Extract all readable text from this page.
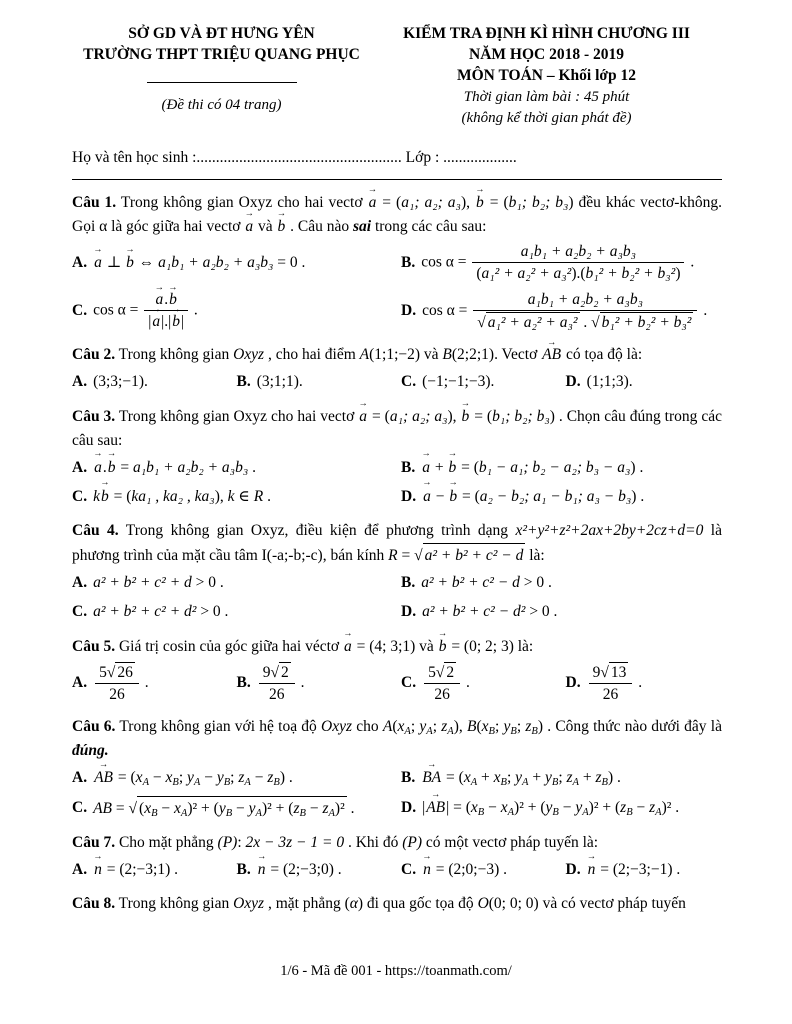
SỞ GD VÀ ĐT HƯNG YÊN
TRƯỜNG THPT TRIỆU QUANG PHỤC
(Đề thi có 04 trang)
KIỂM TRA ĐỊNH KÌ HÌNH CHƯƠNG III
NĂM HỌC 2018 - 2019
MÔN TOÁN – Khối lớp 12
Thời gian làm bài : 45 phút
(không kể thời gian phát đề)
Họ và tên học sinh :..................................................... Lớp : ...................

Câu 1. Trong không gian Oxyz cho hai vectơ a → = (a₁; a₂; a₃), b → = (b₁; b₂; b₃) đều khác vectơ-không. Gọi α là góc giữa hai vectơ a → và b → . Câu nào sai trong các câu sau:

A. a → ⊥ b → ⇔ a₁b₁ + a₂b₂ + a₃b₃ = 0 .	B. $\cos \alpha = \frac{\text{a₁b₁ + a₂b₂ + a₃b₃}}{\text{(a₁² + a₂² + a₃²).(b₁² + b₂² + b₃²)}}$ .
C. $\cos \alpha = \frac{a \to.b \to}{|a \to|.|b \to|}$ .	D. $\cos \alpha = \frac{\text{a₁b₁ + a₂b₂ + a₃b₃}}{\text{√ a₁² + a₂² + a₃² . √ b₁² + b₂² + b₃²}}$ .

Câu 2. Trong không gian Oxyz , cho hai điểm A(1;1;−2) và B(2;2;1). Vectơ AB → có tọa độ là:

A. (3;3;−1).	B. (3;1;1).	C. (−1;−1;−3).	D. (1;1;3).

Câu 3. Trong không gian Oxyz cho hai vectơ a → = (a₁; a₂; a₃), b → = (b₁; b₂; b₃) . Chọn câu đúng trong các câu sau:

A. a →.b → = a₁b₁ + a₂b₂ + a₃b₃ .	B. a → + b → = (b₁ − a₁; b₂ − a₂; b₃ − a₃) .
C. kb → = (ka₁ , ka₂ , ka₃), k ∈ R .	D. a → − b → = (a₂ − b₂; a₁ − b₁; a₃ − b₃) .

Câu 4. Trong không gian Oxyz, điều kiện để phương trình dạng x²+y²+z²+2ax+2by+2cz+d=0 là phương trình của mặt cầu tâm I(-a;-b;-c), bán kính R = √ a² + b² + c² − d là:

A. a² + b² + c² + d > 0 .	B. a² + b² + c² − d > 0 .
C. a² + b² + c² + d² > 0 .	D. a² + b² + c² − d² > 0 .

Câu 5. Giá trị cosin của góc giữa hai véctơ a → = (4; 3;1) và b → = (0; 2; 3) là:

A. $\frac{5√ 26}{26}$ .	B. $\frac{9√ 2}{26}$ .	C. $\frac{5√ 2}{26}$ .	D. $\frac{9√ 13}{26}$ .

Câu 6. Trong không gian với hệ toạ độ Oxyz cho $A(x_A$; $y_A$; $z_A$), $B(x_B$; $y_B$; $z_B$) . Công thức nào dưới đây là đúng.

A. AB → = ($x_A - x_B$; $y_A - y_B$; $z_A - z_B$) .	B. BA → = ($x_A + x_B$; $y_A + y_B$; $z_A + z_B$) .
C. AB = √ $(x_B - x_A)^2 + (y_B - y_A)^2 + (z_B - z_A)^2$ .	D. |AB →| = $(x_B - x_A)^2 + (y_B - y_A)^2 + (z_B - z_A)^2$ .

Câu 7. Cho mặt phẳng (P): 2x − 3z − 1 = 0 . Khi đó (P) có một vectơ pháp tuyến là:

A. n → = (2;−3;1) .	B. n → = (2;−3;0) .	C. n → = (2;0;−3) .	D. n → = (2;−3;−1) .

Câu 8. Trong không gian Oxyz , mặt phẳng (α) đi qua gốc tọa độ O(0; 0; 0) và có vectơ pháp tuyến

1/6 - Mã đề 001 - https://toanmath.com/
